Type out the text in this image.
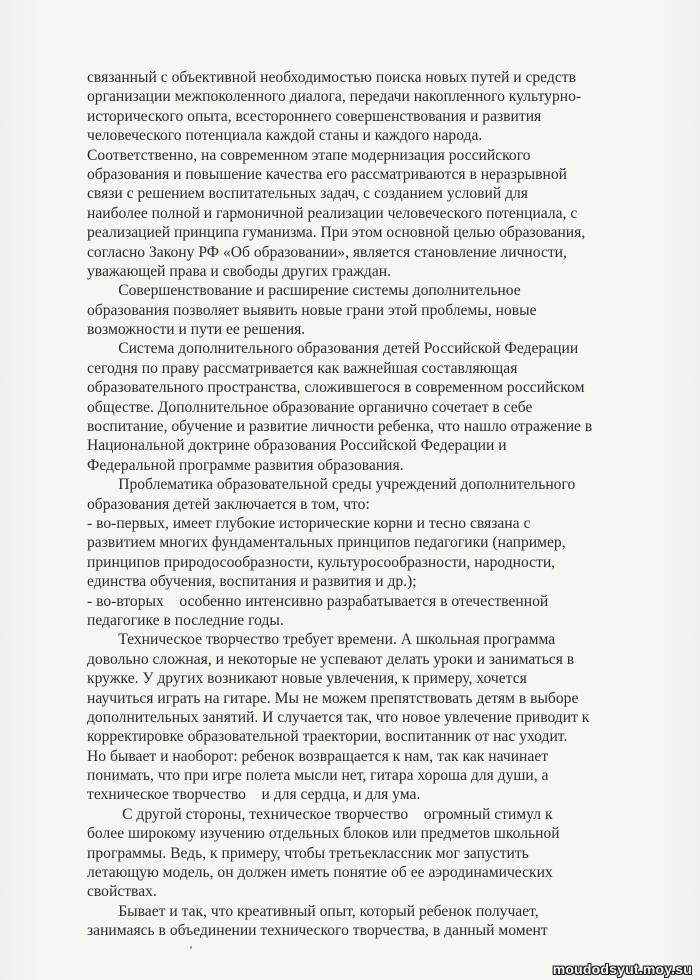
связанный с объективной необходимостью поиска новых путей и средств
организации межпоколенного диалога, передачи накопленного культурно-
исторического опыта, всестороннего совершенствования и развития
человеческого потенциала каждой станы и каждого народа.
Соответственно, на современном этапе модернизация российского
образования и повышение качества его рассматриваются в неразрывной
связи с решением воспитательных задач, с созданием условий для
наиболее полной и гармоничной реализации человеческого потенциала, с
реализацией принципа гуманизма. При этом основной целью образования,
согласно Закону РФ «Об образовании», является становление личности,
уважающей права и свободы других граждан.
Совершенствование и расширение системы дополнительное
образования позволяет выявить новые грани этой проблемы, новые
возможности и пути ее решения.
Система дополнительного образования детей Российской Федерации
сегодня по праву рассматривается как важнейшая составляющая
образовательного пространства, сложившегося в современном российском
обществе. Дополнительное образование органично сочетает в себе
воспитание, обучение и развитие личности ребенка, что нашло отражение в
Национальной доктрине образования Российской Федерации и
Федеральной программе развития образования.
Проблематика образовательной среды учреждений дополнительного
образования детей заключается в том, что:
- во-первых, имеет глубокие исторические корни и тесно связана с
развитием многих фундаментальных принципов педагогики (например,
принципов природосообразности, культуросообразности, народности,
единства обучения, воспитания и развития и др.);
- во-вторых    особенно интенсивно разрабатывается в отечественной
педагогике в последние годы.
Техническое творчество требует времени. А школьная программа
довольно сложная, и некоторые не успевают делать уроки и заниматься в
кружке. У других возникают новые увлечения, к примеру, хочется
научиться играть на гитаре. Мы не можем препятствовать детям в выборе
дополнительных занятий. И случается так, что новое увлечение приводит к
корректировке образовательной траектории, воспитанник от нас уходит.
Но бывает и наоборот: ребенок возвращается к нам, так как начинает
понимать, что при игре полета мысли нет, гитара хороша для души, а
техническое творчество    и для сердца, и для ума.
С другой стороны, техническое творчество    огромный стимул к
более широкому изучению отдельных блоков или предметов школьной
программы. Ведь, к примеру, чтобы третьеклассник мог запустить
летающую модель, он должен иметь понятие об ее аэродинамических
свойствах.
Бывает и так, что креативный опыт, который ребенок получает,
занимаясь в объединении технического творчества, в данный момент
moudodsyut.moy.su
